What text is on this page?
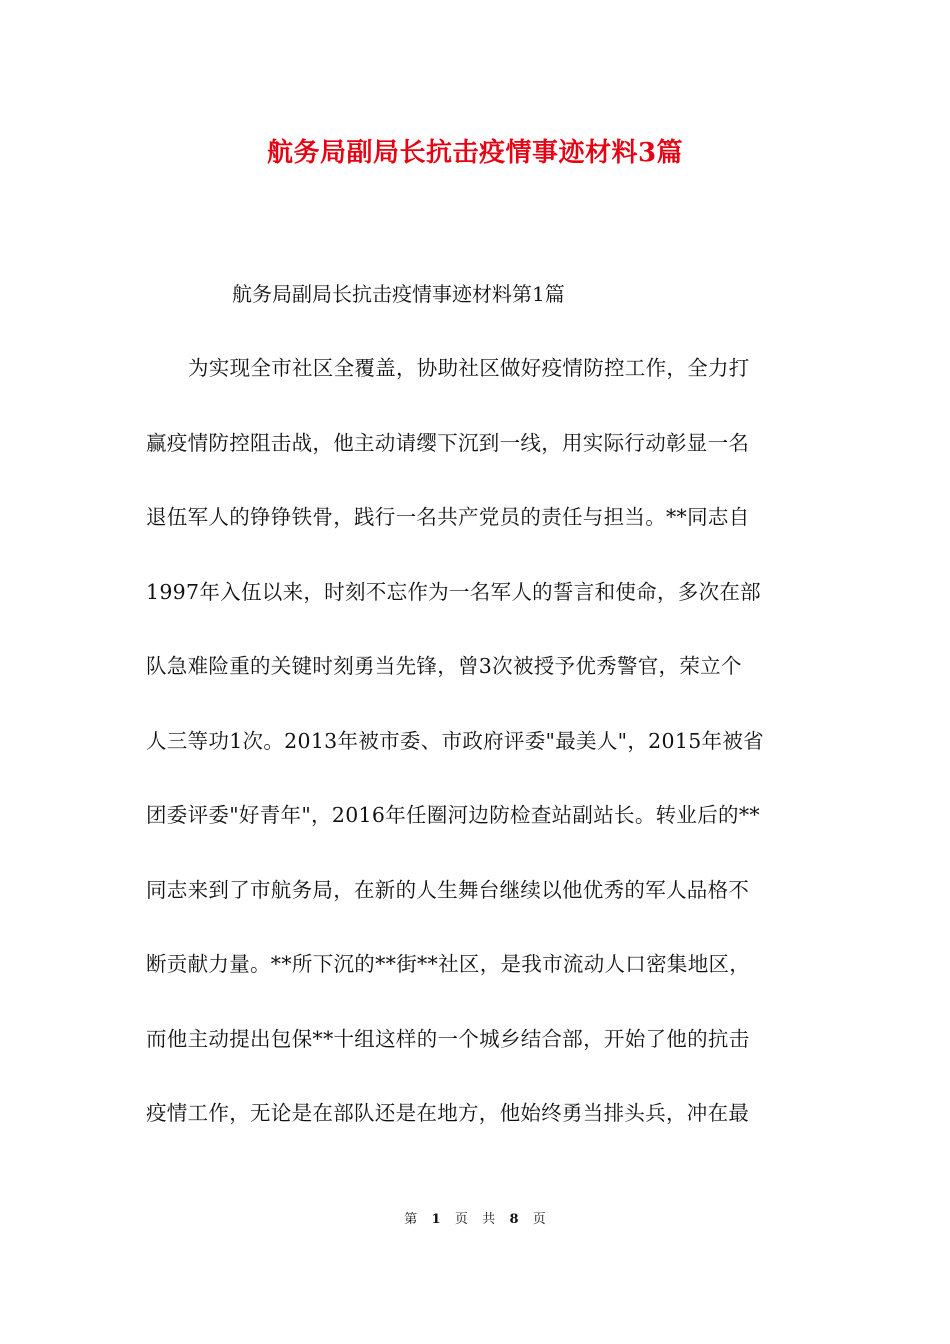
航务局副局长抗击疫情事迹材料3篇
航务局副局长抗击疫情事迹材料第1篇
为实现全市社区全覆盖，协助社区做好疫情防控工作，全力打
赢疫情防控阻击战，他主动请缨下沉到一线，用实际行动彰显一名
退伍军人的铮铮铁骨，践行一名共产党员的责任与担当。**同志自
1997年入伍以来，时刻不忘作为一名军人的誓言和使命，多次在部
队急难险重的关键时刻勇当先锋，曾3次被授予优秀警官，荣立个
人三等功1次。2013年被市委、市政府评委"最美人"，2015年被省
团委评委"好青年"，2016年任圈河边防检查站副站长。转业后的**
同志来到了市航务局，在新的人生舞台继续以他优秀的军人品格不
断贡献力量。**所下沉的**街**社区，是我市流动人口密集地区，
而他主动提出包保**十组这样的一个城乡结合部，开始了他的抗击
疫情工作，无论是在部队还是在地方，他始终勇当排头兵，冲在最
第 1 页 共 8 页
